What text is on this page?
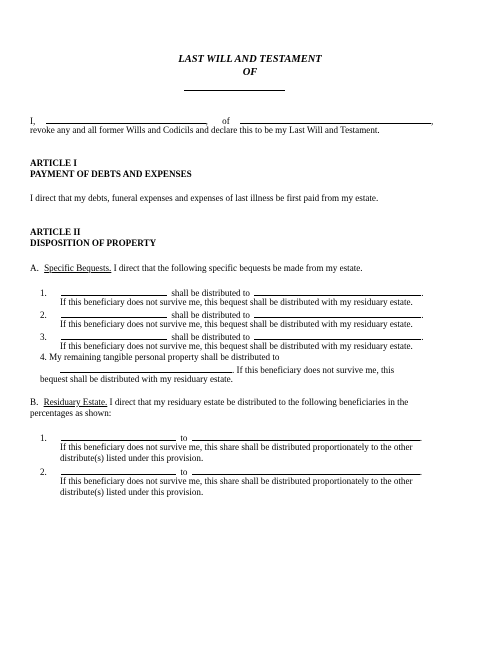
LAST WILL AND TESTAMENT
OF
I,	, of	,
revoke any and all former Wills and Codicils and declare this to be my Last Will and Testament.
ARTICLE I
PAYMENT OF DEBTS AND EXPENSES
I direct that my debts, funeral expenses and expenses of last illness be first paid from my estate.
ARTICLE II
DISPOSITION OF PROPERTY
A. Specific Bequests. I direct that the following specific bequests be made from my estate.
1.	shall be distributed to	.
If this beneficiary does not survive me, this bequest shall be distributed with my residuary estate.
2.	shall be distributed to	.
If this beneficiary does not survive me, this bequest shall be distributed with my residuary estate.
3.	shall be distributed to	.
If this beneficiary does not survive me, this bequest shall be distributed with my residuary estate.
4. My remaining tangible personal property shall be distributed to
. If this beneficiary does not survive me, this
bequest shall be distributed with my residuary estate.
B. Residuary Estate. I direct that my residuary estate be distributed to the following beneficiaries in the
percentages as shown:
1.	to	.
If this beneficiary does not survive me, this share shall be distributed proportionately to the other
distribute(s) listed under this provision.
2.	to	.
If this beneficiary does not survive me, this share shall be distributed proportionately to the other
distribute(s) listed under this provision.
